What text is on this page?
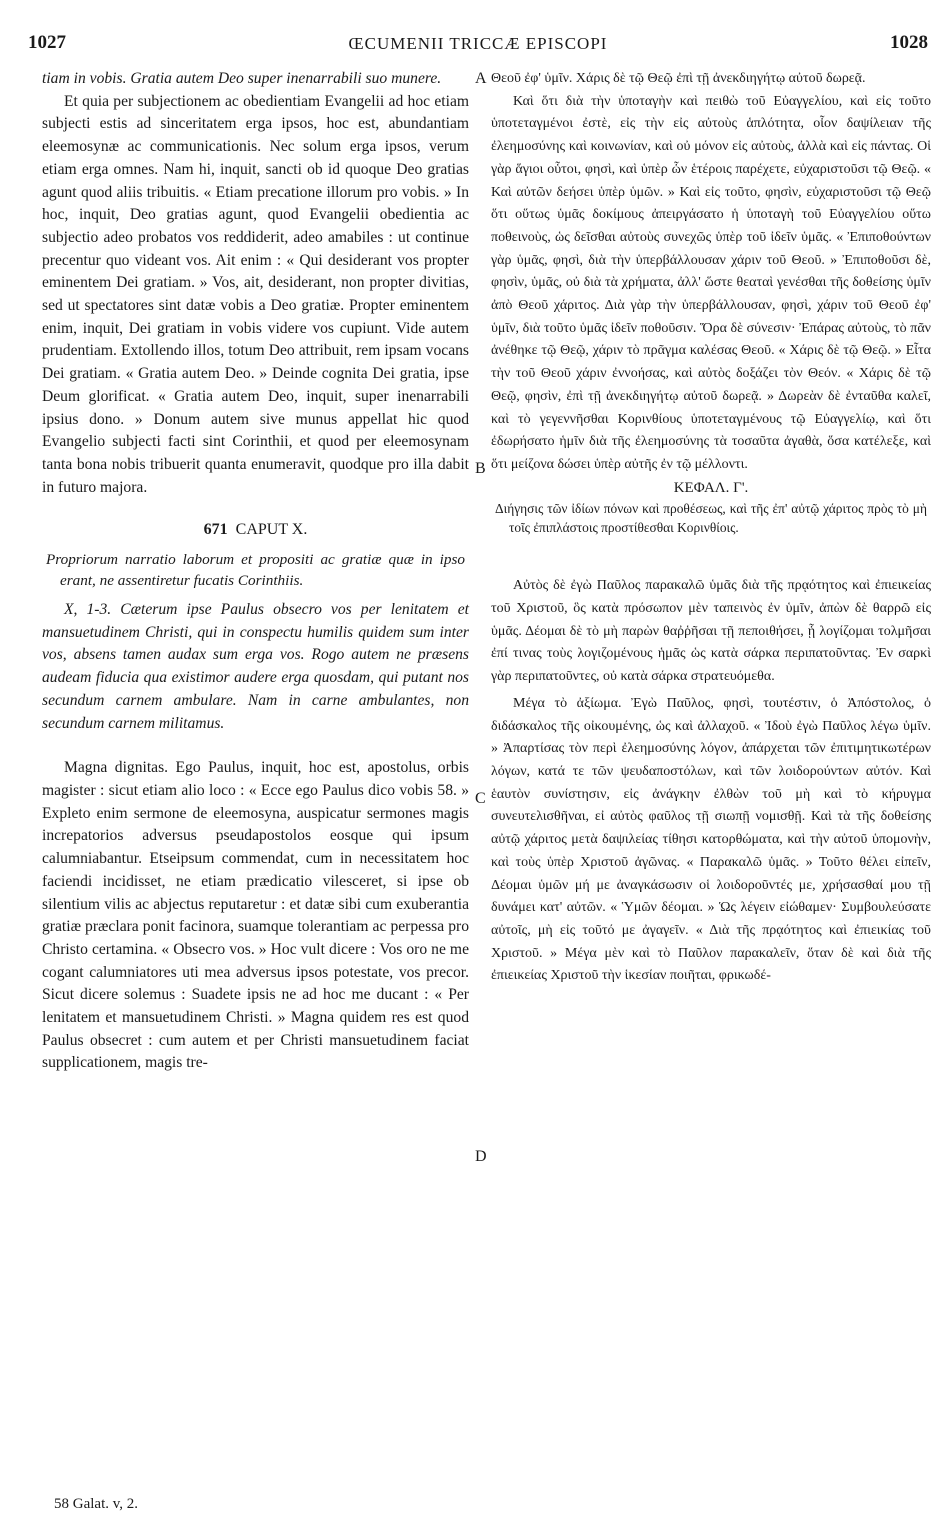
1027	ŒCUMENII TRICCÆ EPISCOPI	1028
A
B
C
D

tiam in vobis. Gratia autem Deo super inenarrabili suo munere.

Et quia per subjectionem ac obedientiam Evangelii ad hoc etiam subjecti estis ad sinceritatem erga ipsos, hoc est, abundantiam eleemosynæ ac communicationis. Nec solum erga ipsos, verum etiam erga omnes. Nam hi, inquit, sancti ob id quoque Deo gratias agunt quod aliis tribuitis. « Etiam precatione illorum pro vobis. » In hoc, inquit, Deo gratias agunt, quod Evangelii obedientia ac subjectio adeo probatos vos reddiderit, adeo amabiles : ut continue precentur quo videant vos. Ait enim : « Qui desiderant vos propter eminentem Dei gratiam. » Vos, ait, desiderant, non propter divitias, sed ut spectatores sint datæ vobis a Deo gratiæ. Propter eminentem enim, inquit, Dei gratiam in vobis videre vos cupiunt. Vide autem prudentiam. Extollendo illos, totum Deo attribuit, rem ipsam vocans Dei gratiam. « Gratia autem Deo. » Deinde cognita Dei gratia, ipse Deum glorificat. « Gratia autem Deo, inquit, super inenarrabili ipsius dono. » Donum autem sive munus appellat hic quod Evangelio subjecti facti sint Corinthii, et quod per eleemosynam tanta bona nobis tribuerit quanta enumeravit, quodque pro illa dabit in futuro majora.

671 CAPUT X.

Propriorum narratio laborum et propositi ac gratiæ quæ in ipso erant, ne assentiretur fucatis Corinthiis.

X, 1-3. Cæterum ipse Paulus obsecro vos per lenitatem et mansuetudinem Christi, qui in conspectu humilis quidem sum inter vos, absens tamen audax sum erga vos. Rogo autem ne præsens audeam fiducia qua existimor audere erga quosdam, qui putant nos secundum carnem ambulare. Nam in carne ambulantes, non secundum carnem militamus.

Magna dignitas. Ego Paulus, inquit, hoc est, apostolus, orbis magister : sicut etiam alio loco : « Ecce ego Paulus dico vobis 58. » Expleto enim sermone de eleemosyna, auspicatur sermones magis increpatorios adversus pseudapostolos eosque qui ipsum calumniabantur. Etseipsum commendat, cum in necessitatem hoc faciendi incidisset, ne etiam prædicatio vilesceret, si ipse ob silentium vilis ac abjectus reputaretur : et datæ sibi cum exuberantia gratiæ præclara ponit facinora, suamque tolerantiam ac perpessa pro Christo certamina. « Obsecro vos. » Hoc vult dicere : Vos oro ne me cogant calumniatores uti mea adversus ipsos potestate, vos precor. Sicut dicere solemus : Suadete ipsis ne ad hoc me ducant : « Per lenitatem et mansuetudinem Christi. » Magna quidem res est quod Paulus obsecret : cum autem et per Christi mansuetudinem faciat supplicationem, magis tre-

Θεοῦ ἐφ' ὑμῖν. Χάρις δὲ τῷ Θεῷ ἐπὶ τῇ ἀνεκδιηγήτῳ αὐτοῦ δωρεᾷ.

Καὶ ὅτι διὰ τὴν ὑποταγὴν καὶ πειθὼ τοῦ Εὐαγγελίου, καὶ εἰς τοῦτο ὑποτεταγμένοι ἐστὲ, εἰς τὴν εἰς αὐτοὺς ἁπλότητα, οἷον δαψίλειαν τῆς ἐλεημοσύνης καὶ κοινωνίαν, καὶ οὐ μόνον εἰς αὐτοὺς, ἀλλὰ καὶ εἰς πάντας. Οἱ γὰρ ἅγιοι οὗτοι, φησὶ, καὶ ὑπὲρ ὧν ἑτέροις παρέχετε, εὐχαριστοῦσι τῷ Θεῷ. « Καὶ αὐτῶν δεήσει ὑπὲρ ὑμῶν. » Καὶ εἰς τοῦτο, φησὶν, εὐχαριστοῦσι τῷ Θεῷ ὅτι οὕτως ὑμᾶς δοκίμους ἀπειργάσατο ἡ ὑποταγὴ τοῦ Εὐαγγελίου οὕτω ποθεινοὺς, ὡς δεῖσθαι αὐτοὺς συνεχῶς ὑπὲρ τοῦ ἰδεῖν ὑμᾶς. « Ἐπιποθούντων γὰρ ὑμᾶς, φησὶ, διὰ τὴν ὑπερβάλλουσαν χάριν τοῦ Θεοῦ. » Ἐπιποθοῦσι δὲ, φησὶν, ὑμᾶς, οὐ διὰ τὰ χρήματα, ἀλλ' ὥστε θεαταὶ γενέσθαι τῆς δοθείσης ὑμῖν ἀπὸ Θεοῦ χάριτος. Διὰ γὰρ τὴν ὑπερβάλλουσαν, φησὶ, χάριν τοῦ Θεοῦ ἐφ' ὑμῖν, διὰ τοῦτο ὑμᾶς ἰδεῖν ποθοῦσιν. Ὅρα δὲ σύνεσιν· Ἐπάρας αὐτοὺς, τὸ πᾶν ἀνέθηκε τῷ Θεῷ, χάριν τὸ πρᾶγμα καλέσας Θεοῦ. « Χάρις δὲ τῷ Θεῷ. » Εἶτα τὴν τοῦ Θεοῦ χάριν ἐννοήσας, καὶ αὐτὸς δοξάζει τὸν Θεόν. « Χάρις δὲ τῷ Θεῷ, φησὶν, ἐπὶ τῇ ἀνεκδιηγήτῳ αὐτοῦ δωρεᾷ. » Δωρεὰν δὲ ἐνταῦθα καλεῖ, καὶ τὸ γεγεννῆσθαι Κορινθίους ὑποτεταγμένους τῷ Εὐαγγελίῳ, καὶ ὅτι ἐδωρήσατο ἡμῖν διὰ τῆς ἐλεημοσύνης τὰ τοσαῦτα ἀγαθὰ, ὅσα κατέλεξε, καὶ ὅτι μείζονα δώσει ὑπὲρ αὐτῆς ἐν τῷ μέλλοντι.

ΚΕΦΑΛ. Γ'.

Διήγησις τῶν ἰδίων πόνων καὶ προθέσεως, καὶ τῆς ἐπ' αὐτῷ χάριτος πρὸς τὸ μὴ τοῖς ἐπιπλάστοις προστίθεσθαι Κορινθίοις.

Αὐτὸς δὲ ἐγὼ Παῦλος παρακαλῶ ὑμᾶς διὰ τῆς πρᾳότητος καὶ ἐπιεικείας τοῦ Χριστοῦ, ὃς κατὰ πρόσωπον μὲν ταπεινὸς ἐν ὑμῖν, ἀπὼν δὲ θαρρῶ εἰς ὑμᾶς. Δέομαι δὲ τὸ μὴ παρὼν θαῤῥῆσαι τῇ πεποιθήσει, ᾗ λογίζομαι τολμῆσαι ἐπί τινας τοὺς λογιζομένους ἡμᾶς ὡς κατὰ σάρκα περιπατοῦντας. Ἐν σαρκὶ γὰρ περιπατοῦντες, οὐ κατὰ σάρκα στρατευόμεθα.

Μέγα τὸ ἀξίωμα. Ἐγὼ Παῦλος, φησὶ, τουτέστιν, ὁ Ἀπόστολος, ὁ διδάσκαλος τῆς οἰκουμένης, ὡς καὶ ἀλλαχοῦ. « Ἰδοὺ ἐγὼ Παῦλος λέγω ὑμῖν. » Ἀπαρτίσας τὸν περὶ ἐλεημοσύνης λόγον, ἀπάρχεται τῶν ἐπιτιμητικωτέρων λόγων, κατά τε τῶν ψευδαποστόλων, καὶ τῶν λοιδορούντων αὐτόν. Καὶ ἑαυτὸν συνίστησιν, εἰς ἀνάγκην ἐλθὼν τοῦ μὴ καὶ τὸ κήρυγμα συνευτελισθῆναι, εἰ αὐτὸς φαῦλος τῇ σιωπῇ νομισθῇ. Καὶ τὰ τῆς δοθείσης αὐτῷ χάριτος μετὰ δαψιλείας τίθησι κατορθώματα, καὶ τὴν αὐτοῦ ὑπομονὴν, καὶ τοὺς ὑπὲρ Χριστοῦ ἀγῶνας. « Παρακαλῶ ὑμᾶς. » Τοῦτο θέλει εἰπεῖν, Δέομαι ὑμῶν μή με ἀναγκάσωσιν οἱ λοιδοροῦντές με, χρήσασθαί μου τῇ δυνάμει κατ' αὐτῶν. « Ὑμῶν δέομαι. » Ὡς λέγειν εἰώθαμεν· Συμβουλεύσατε αὐτοῖς, μὴ εἰς τοῦτό με ἀγαγεῖν. « Διὰ τῆς πρᾳότητος καὶ ἐπιεικίας τοῦ Χριστοῦ. » Μέγα μὲν καὶ τὸ Παῦλον παρακαλεῖν, ὅταν δὲ καὶ διὰ τῆς ἐπιεικείας Χριστοῦ τὴν ἱκεσίαν ποιῆται, φρικωδέ-

58 Galat. v, 2.
